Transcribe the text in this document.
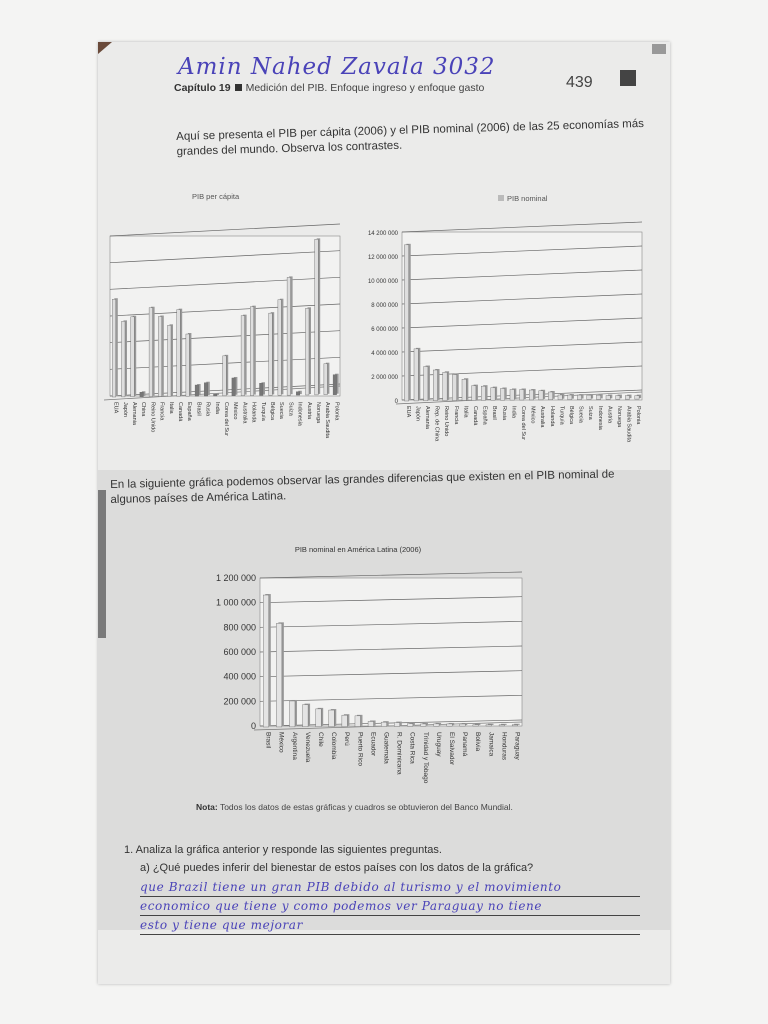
Amin Nahed Zavala 3032
Capítulo 19 Medición del PIB. Enfoque ingreso y enfoque gasto	439
Aquí se presenta el PIB per cápita (2006) y el PIB nominal (2006) de las 25 economías más grandes del mundo. Observa los contrastes.
PIB per cápita
EUA Japón Alemania China Reino Unido Francia Italia Canadá España Brasil Rusia India Corea del Sur México Australia Holanda Turquía Bélgica Suecia Suiza Indonesia Austria Noruega Arabia Saudita Polonia
PIB nominal
0
2 000 000
4 000 000
6 000 000
8 000 000
10 000 000
12 000 000
14 200 000
EUA Japón Alemania Rep. de China Reino Unido Francia Italia Canadá España Brasil Rusia India Corea del Sur México Australia Holanda Turquía Bélgica Suecia Suiza Indonesia Austria Noruega Arabia Saudita Polonia
En la siguiente gráfica podemos observar las grandes diferencias que existen en el PIB nominal de algunos países de América Latina.
0
200 000
400 000
600 000
800 000
1 000 000
1 200 000
Brasil México Argentina Venezuela Chile Colombia Perú Puerto Rico Ecuador Guatemala R. Dominicana Costa Rica Trinidad y Tobago Uruguay El Salvador Panamá Bolivia Jamaica Honduras Paraguay
PIB nominal en América Latina (2006)
Nota: Todos los datos de estas gráficas y cuadros se obtuvieron del Banco Mundial.
1. Analiza la gráfica anterior y responde las siguientes preguntas.
a) ¿Qué puedes inferir del bienestar de estos países con los datos de la gráfica?
que Brazil tiene un gran PIB debido al turismo y el movimiento
economico que tiene y como podemos ver Paraguay no tiene
esto y tiene que mejorar
